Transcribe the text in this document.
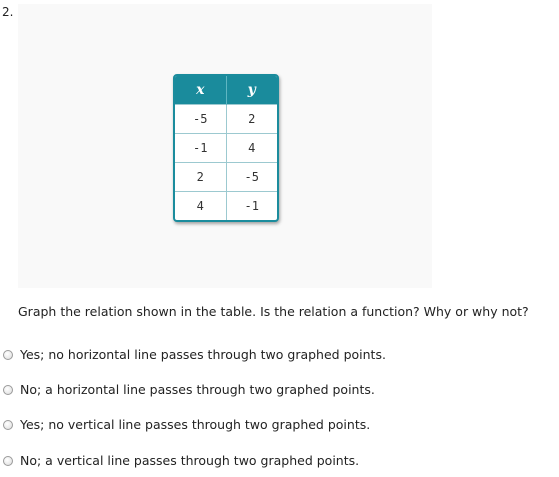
2.
x	y
-5	2
-1	4
2	-5
4	-1
Graph the relation shown in the table. Is the relation a function? Why or why not?
Yes; no horizontal line passes through two graphed points.
No; a horizontal line passes through two graphed points.
Yes; no vertical line passes through two graphed points.
No; a vertical line passes through two graphed points.
